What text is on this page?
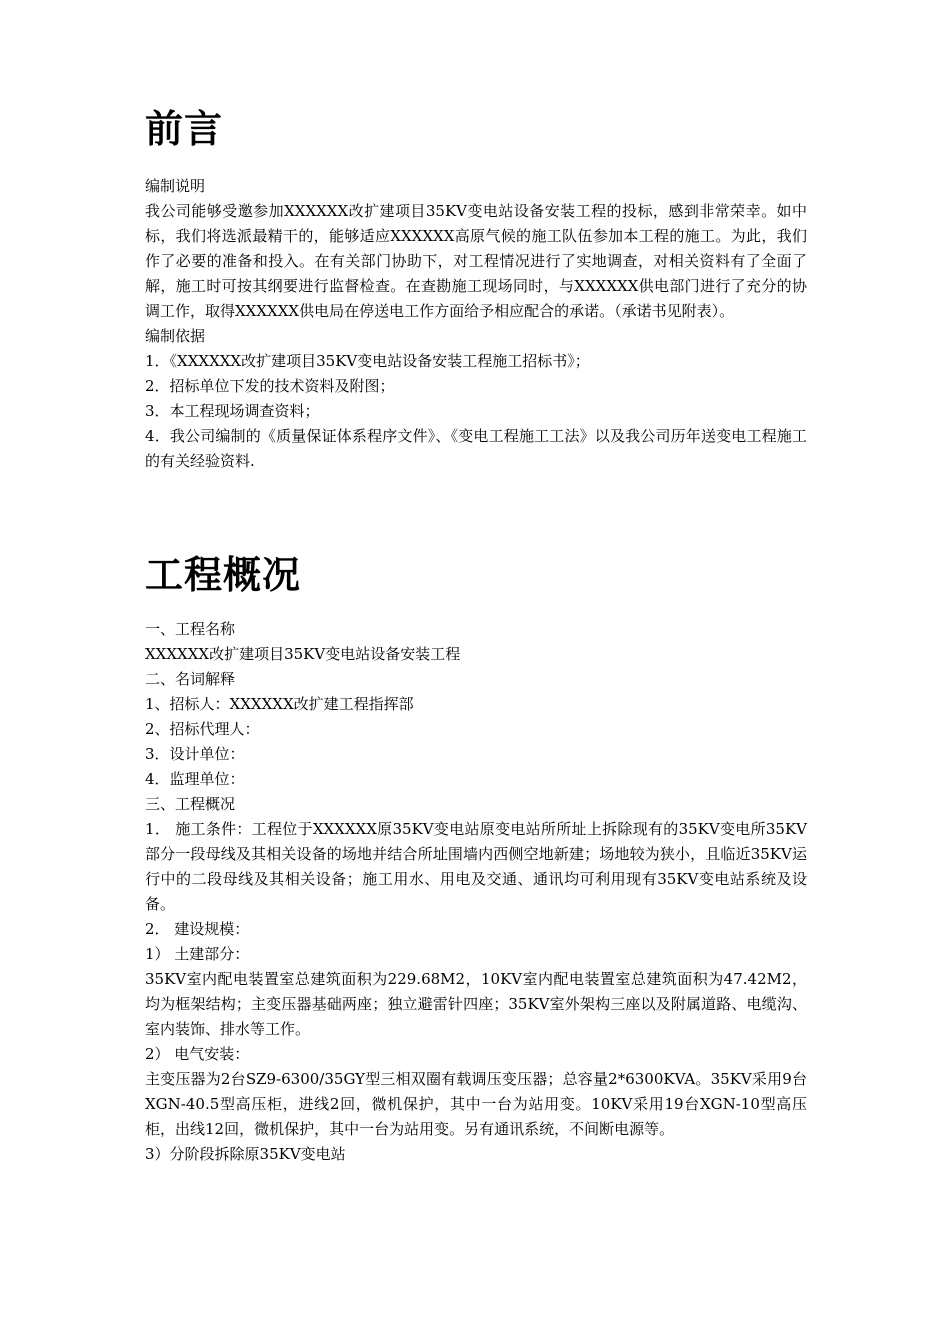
前言

编制说明

我公司能够受邀参加XXXXXX改扩建项目35KV变电站设备安装工程的投标，感到非常荣幸。如中标，我们将选派最精干的，能够适应XXXXXX高原气候的施工队伍参加本工程的施工。为此，我们作了必要的准备和投入。在有关部门协助下，对工程情况进行了实地调查，对相关资料有了全面了解，施工时可按其纲要进行监督检查。在查勘施工现场同时，与XXXXXX供电部门进行了充分的协调工作，取得XXXXXX供电局在停送电工作方面给予相应配合的承诺。（承诺书见附表）。

编制依据

1．《XXXXXX改扩建项目35KV变电站设备安装工程施工招标书》；

2．招标单位下发的技术资料及附图；

3．本工程现场调查资料；

4．我公司编制的《质量保证体系程序文件》、《变电工程施工工法》以及我公司历年送变电工程施工的有关经验资料.

工程概况

一、工程名称

XXXXXX改扩建项目35KV变电站设备安装工程

二、名词解释

1、招标人：XXXXXX改扩建工程指挥部

2、招标代理人：

3．设计单位：

4．监理单位：

三、工程概况

1． 施工条件：工程位于XXXXXX原35KV变电站原变电站所所址上拆除现有的35KV变电所35KV部分一段母线及其相关设备的场地并结合所址围墙内西侧空地新建；场地较为狭小，且临近35KV运行中的二段母线及其相关设备；施工用水、用电及交通、通讯均可利用现有35KV变电站系统及设备。

2． 建设规模：

1） 土建部分：

35KV室内配电装置室总建筑面积为229.68M2，10KV室内配电装置室总建筑面积为47.42M2，均为框架结构；主变压器基础两座；独立避雷针四座；35KV室外架构三座以及附属道路、电缆沟、室内装饰、排水等工作。

2） 电气安装：

主变压器为2台SZ9-6300/35GY型三相双圈有载调压变压器；总容量2*6300KVA。35KV采用9台XGN-40.5型高压柜，进线2回，微机保护，其中一台为站用变。10KV采用19台XGN-10型高压柜，出线12回，微机保护，其中一台为站用变。另有通讯系统，不间断电源等。

3）分阶段拆除原35KV变电站
